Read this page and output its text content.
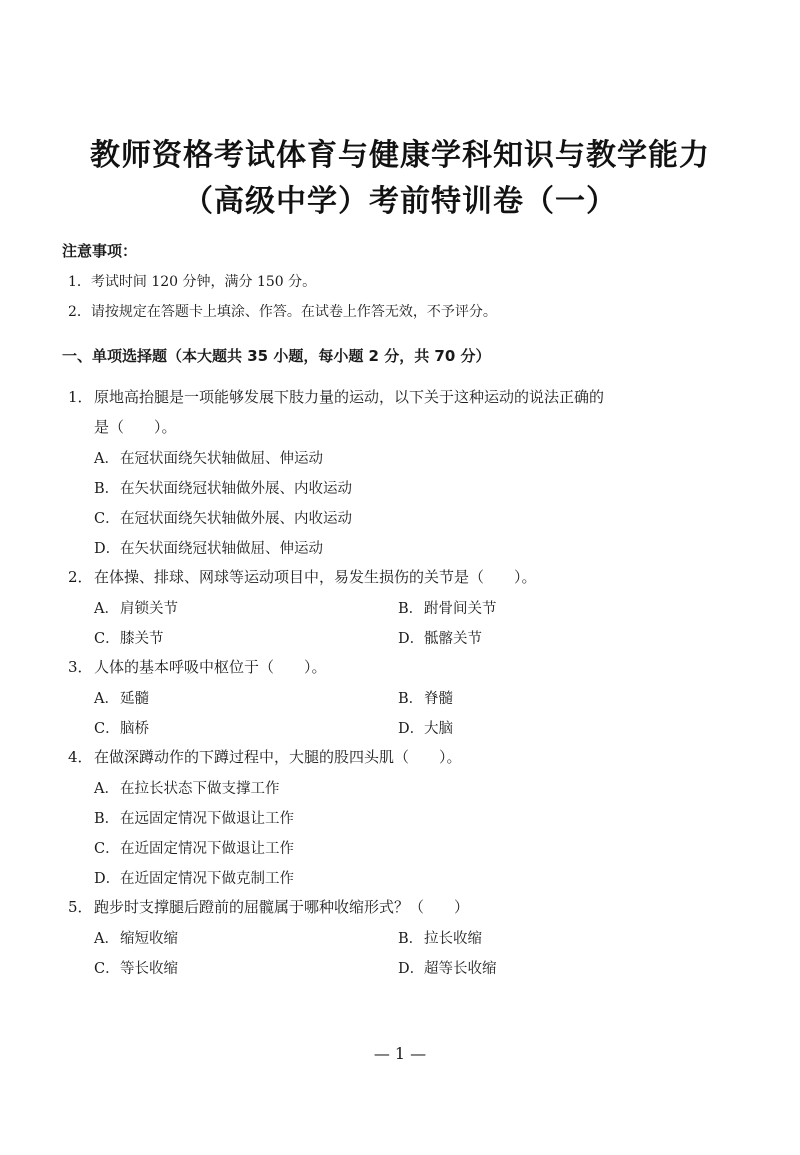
教师资格考试体育与健康学科知识与教学能力
（高级中学）考前特训卷（一）
注意事项：
1．考试时间 120 分钟，满分 150 分。
2．请按规定在答题卡上填涂、作答。在试卷上作答无效，不予评分。
一、单项选择题（本大题共 35 小题，每小题 2 分，共 70 分）
1．原地高抬腿是一项能够发展下肢力量的运动，以下关于这种运动的说法正确的
是（　　）。
A．在冠状面绕矢状轴做屈、伸运动
B．在矢状面绕冠状轴做外展、内收运动
C．在冠状面绕矢状轴做外展、内收运动
D．在矢状面绕冠状轴做屈、伸运动
2．在体操、排球、网球等运动项目中，易发生损伤的关节是（　　）。
A．肩锁关节	B．跗骨间关节
C．膝关节	D．骶髂关节
3．人体的基本呼吸中枢位于（　　）。
A．延髓	B．脊髓
C．脑桥	D．大脑
4．在做深蹲动作的下蹲过程中，大腿的股四头肌（　　）。
A．在拉长状态下做支撑工作
B．在远固定情况下做退让工作
C．在近固定情况下做退让工作
D．在近固定情况下做克制工作
5．跑步时支撑腿后蹬前的屈髋属于哪种收缩形式？（　　）
A．缩短收缩	B．拉长收缩
C．等长收缩	D．超等长收缩
— 1 —
